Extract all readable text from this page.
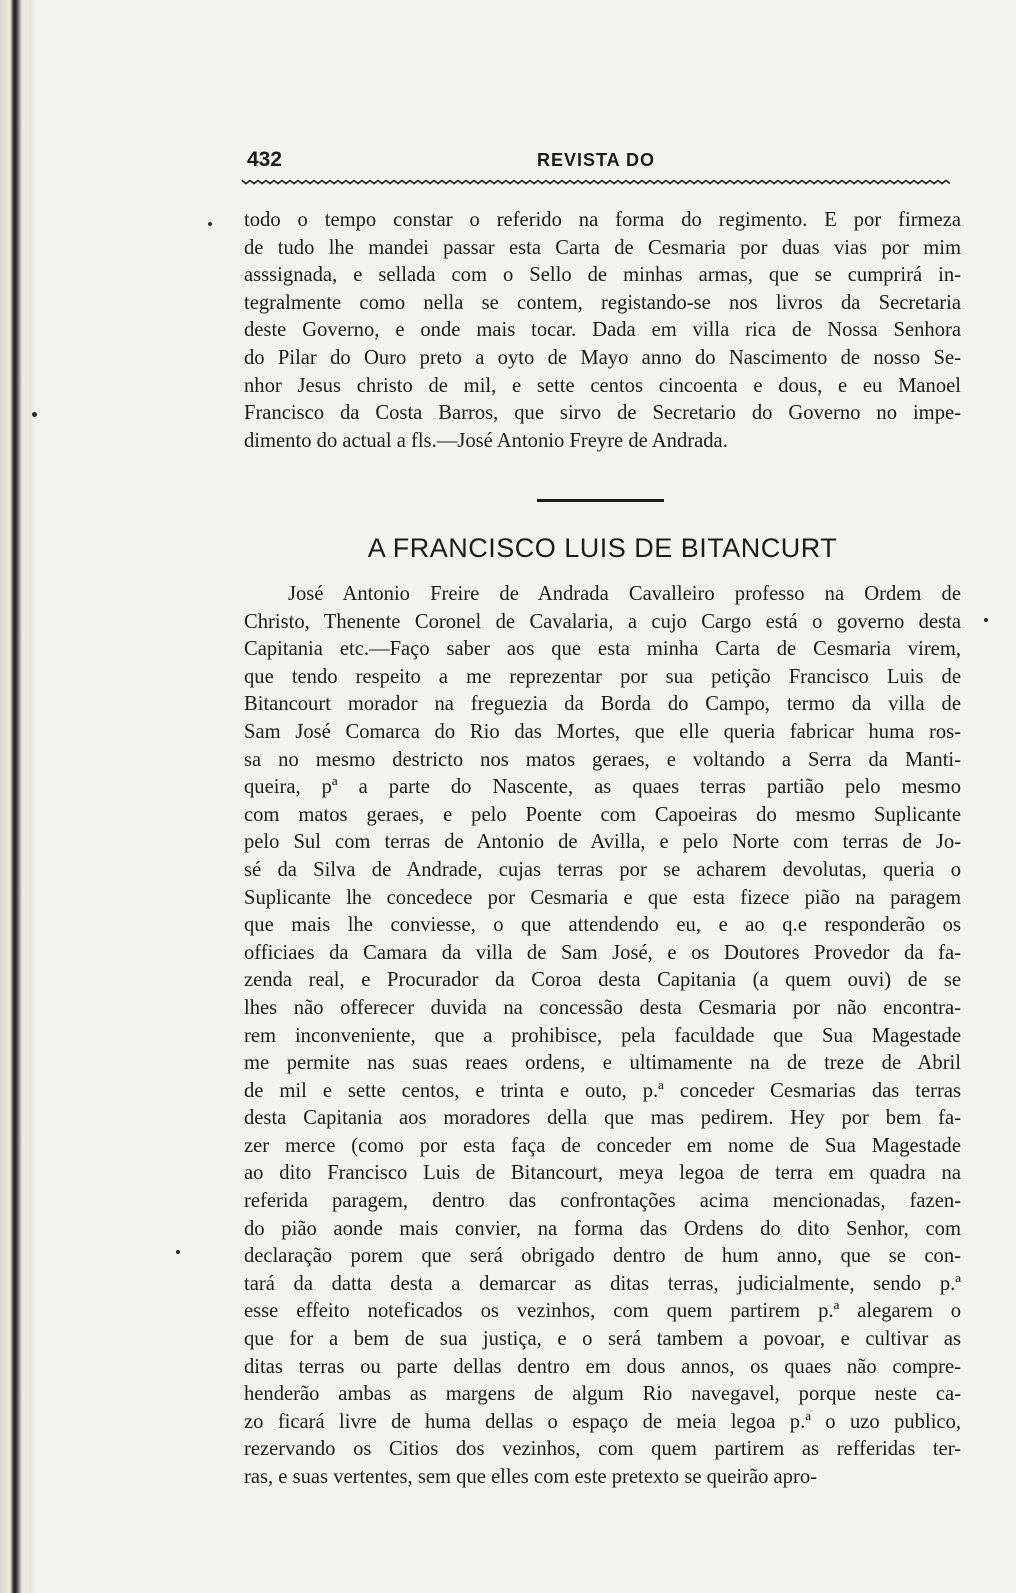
432	REVISTA DO

todo o tempo constar o referido na forma do regimento. E por firmeza
de tudo lhe mandei passar esta Carta de Cesmaria por duas vias por mim
asssignada, e sellada com o Sello de minhas armas, que se cumprirá in-
tegralmente como nella se contem, registando-se nos livros da Secretaria
deste Governo, e onde mais tocar. Dada em villa rica de Nossa Senhora
do Pilar do Ouro preto a oyto de Mayo anno do Nascimento de nosso Se-
nhor Jesus christo de mil, e sette centos cincoenta e dous, e eu Manoel
Francisco da Costa Barros, que sirvo de Secretario do Governo no impe-
dimento do actual a fls.—José Antonio Freyre de Andrada.

A FRANCISCO LUIS DE BITANCURT

José Antonio Freire de Andrada Cavalleiro professo na Ordem de
Christo, Thenente Coronel de Cavalaria, a cujo Cargo está o governo desta
Capitania etc.—Faço saber aos que esta minha Carta de Cesmaria virem,
que tendo respeito a me reprezentar por sua petição Francisco Luis de
Bitancourt morador na freguezia da Borda do Campo, termo da villa de
Sam José Comarca do Rio das Mortes, que elle queria fabricar huma ros-
sa no mesmo destricto nos matos geraes, e voltando a Serra da Manti-
queira, pª a parte do Nascente, as quaes terras partião pelo mesmo
com matos geraes, e pelo Poente com Capoeiras do mesmo Suplicante
pelo Sul com terras de Antonio de Avilla, e pelo Norte com terras de Jo-
sé da Silva de Andrade, cujas terras por se acharem devolutas, queria o
Suplicante lhe concedece por Cesmaria e que esta fizece pião na paragem
que mais lhe conviesse, o que attendendo eu, e ao q.e responderão os
officiaes da Camara da villa de Sam José, e os Doutores Provedor da fa-
zenda real, e Procurador da Coroa desta Capitania (a quem ouvi) de se
lhes não offerecer duvida na concessão desta Cesmaria por não encontra-
rem inconveniente, que a prohibisce, pela faculdade que Sua Magestade
me permite nas suas reaes ordens, e ultimamente na de treze de Abril
de mil e sette centos, e trinta e outo, p.ª conceder Cesmarias das terras
desta Capitania aos moradores della que mas pedirem. Hey por bem fa-
zer merce (como por esta faça de conceder em nome de Sua Magestade
ao dito Francisco Luis de Bitancourt, meya legoa de terra em quadra na
referida paragem, dentro das confrontações acima mencionadas, fazen-
do pião aonde mais convier, na forma das Ordens do dito Senhor, com
declaração porem que será obrigado dentro de hum anno, que se con-
tará da datta desta a demarcar as ditas terras, judicialmente, sendo p.ª
esse effeito noteficados os vezinhos, com quem partirem p.ª alegarem o
que for a bem de sua justiça, e o será tambem a povoar, e cultivar as
ditas terras ou parte dellas dentro em dous annos, os quaes não compre-
henderão ambas as margens de algum Rio navegavel, porque neste ca-
zo ficará livre de huma dellas o espaço de meia legoa p.ª o uzo publico,
rezervando os Citios dos vezinhos, com quem partirem as refferidas ter-
ras, e suas vertentes, sem que elles com este pretexto se queirão apro-
